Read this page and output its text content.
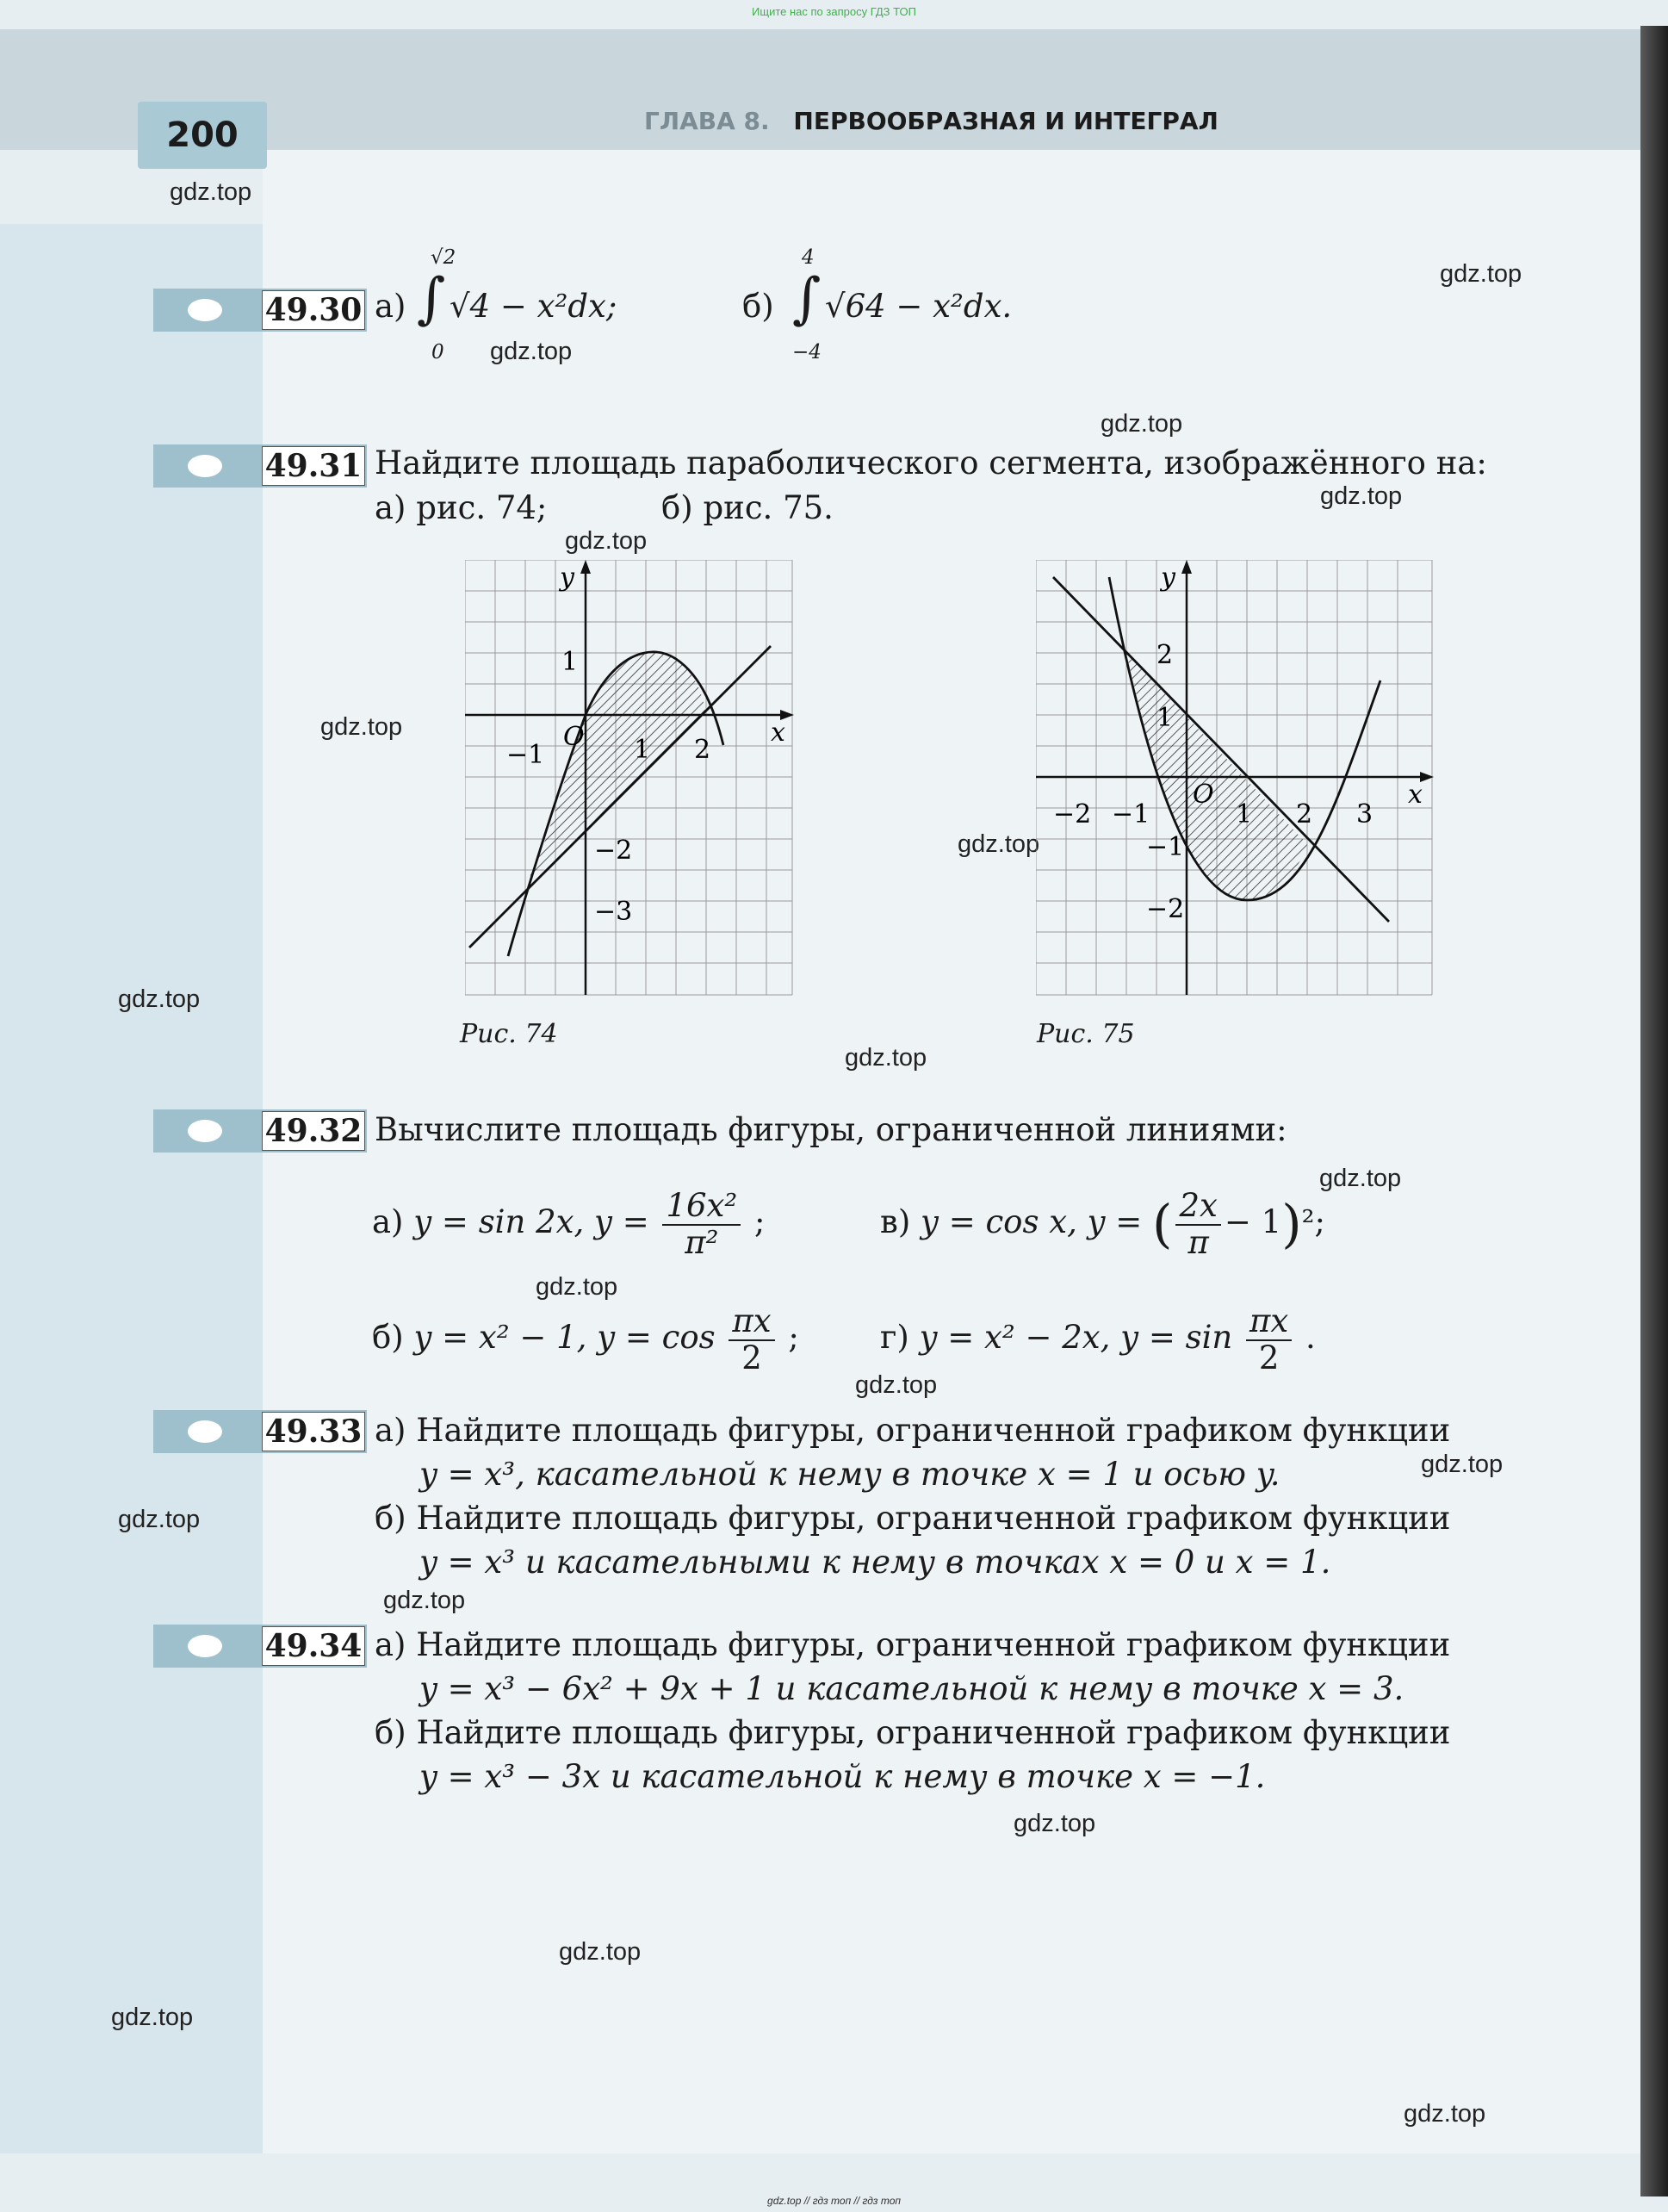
Ищите нас по запросу ГДЗ ТОП
200	ГЛАВА 8. ПЕРВООБРАЗНАЯ И ИНТЕГРАЛ
gdz.top
gdz.top
gdz.top
gdz.top
gdz.top
gdz.top
gdz.top
gdz.top
gdz.top
gdz.top
gdz.top
gdz.top
gdz.top
gdz.top
gdz.top
gdz.top
gdz.top
gdz.top
gdz.top
gdz.top
49.30 а) ∫
√2
0
√4 − x²dx;	б) ∫
4
−4
√64 − x²dx.
49.31 Найдите площадь параболического сегмента, изображённого на:
а) рис. 74;	б) рис. 75.
y
x
O
1
−1	1 2
−2
−3
Рис. 74
y
x
O
2
1
−2 −1	1 2 3
−1
−2
Рис. 75
49.32 Вычислите площадь фигуры, ограниченной линиями:
а) y = sin 2x, $y = \frac{\text{16x²}}{\text{π²}}$ ;	в) y = cos x, y = ( $\frac{2x}{\pi} - 1)^2$;
б) y = x² − 1, $y = \cos \frac{\pi x}{2}$ ;	г) y = x² − 2x, $y = \sin \frac{\pi x}{2}$ .
49.33 а) Найдите площадь фигуры, ограниченной графиком функции
y = x³, касательной к нему в точке x = 1 и осью y.
б) Найдите площадь фигуры, ограниченной графиком функции
y = x³ и касательными к нему в точках x = 0 и x = 1.
49.34 а) Найдите площадь фигуры, ограниченной графиком функции
y = x³ − 6x² + 9x + 1 и касательной к нему в точке x = 3.
б) Найдите площадь фигуры, ограниченной графиком функции
y = x³ − 3x и касательной к нему в точке x = −1.
gdz.top // гдз топ // гдз топ
